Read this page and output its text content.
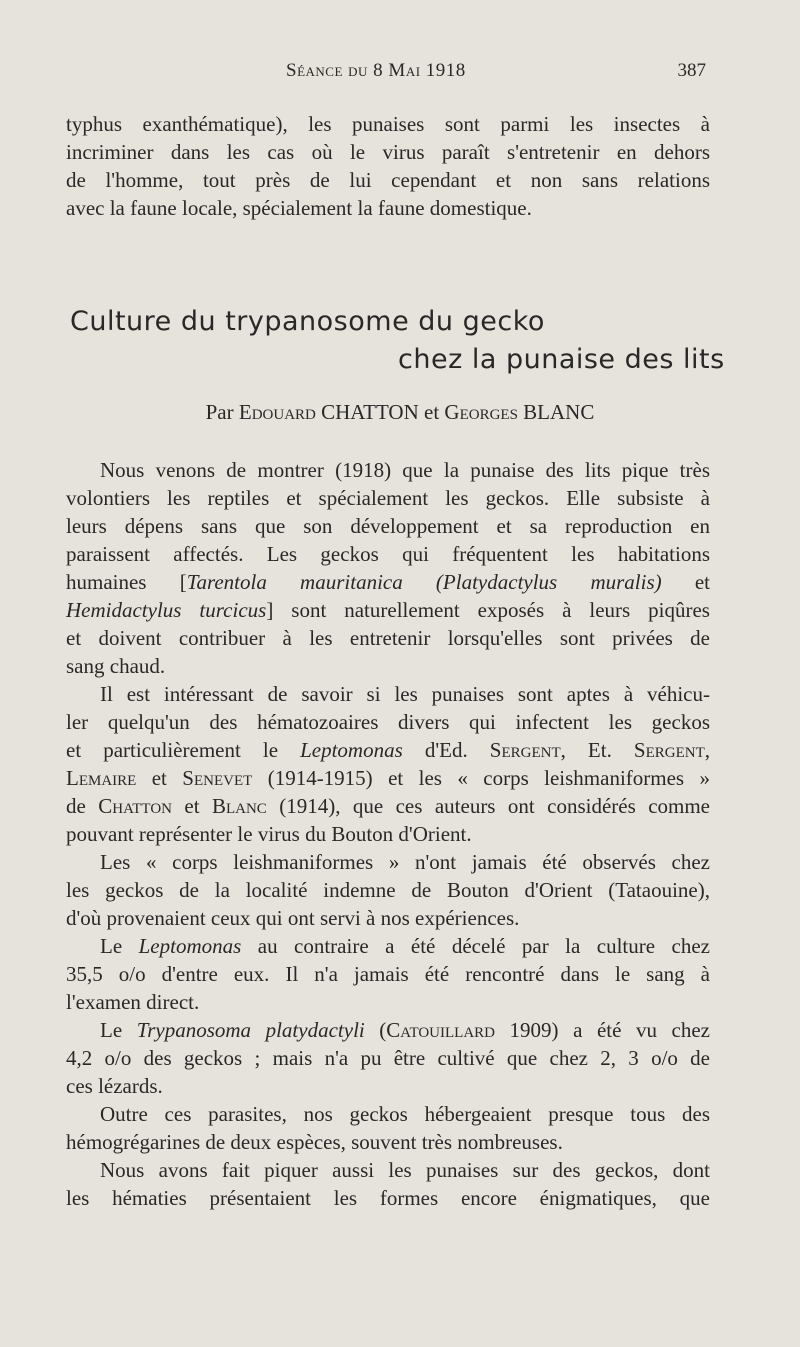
Séance du 8 Mai 1918	387
typhus exanthématique), les punaises sont parmi les insectes à
incriminer dans les cas où le virus paraît s'entretenir en dehors
de l'homme, tout près de lui cependant et non sans relations
avec la faune locale, spécialement la faune domestique.
Culture du trypanosome du gecko
chez la punaise des lits
Par Edouard CHATTON et Georges BLANC
Nous venons de montrer (1918) que la punaise des lits pique très
volontiers les reptiles et spécialement les geckos. Elle subsiste à
leurs dépens sans que son développement et sa reproduction en
paraissent affectés. Les geckos qui fréquentent les habitations
humaines [Tarentola mauritanica (Platydactylus muralis) et
Hemidactylus turcicus] sont naturellement exposés à leurs piqûres
et doivent contribuer à les entretenir lorsqu'elles sont privées de
sang chaud.
Il est intéressant de savoir si les punaises sont aptes à véhicu-
ler quelqu'un des hématozoaires divers qui infectent les geckos
et particulièrement le Leptomonas d'Ed. Sergent, Et. Sergent,
Lemaire et Senevet (1914-1915) et les « corps leishmaniformes »
de Chatton et Blanc (1914), que ces auteurs ont considérés comme
pouvant représenter le virus du Bouton d'Orient.
Les « corps leishmaniformes » n'ont jamais été observés chez
les geckos de la localité indemne de Bouton d'Orient (Tataouine),
d'où provenaient ceux qui ont servi à nos expériences.
Le Leptomonas au contraire a été décelé par la culture chez
35,5 o/o d'entre eux. Il n'a jamais été rencontré dans le sang à
l'examen direct.
Le Trypanosoma platydactyli (Catouillard 1909) a été vu chez
4,2 o/o des geckos ; mais n'a pu être cultivé que chez 2, 3 o/o de
ces lézards.
Outre ces parasites, nos geckos hébergeaient presque tous des
hémogrégarines de deux espèces, souvent très nombreuses.
Nous avons fait piquer aussi les punaises sur des geckos, dont
les hématies présentaient les formes encore énigmatiques, que
